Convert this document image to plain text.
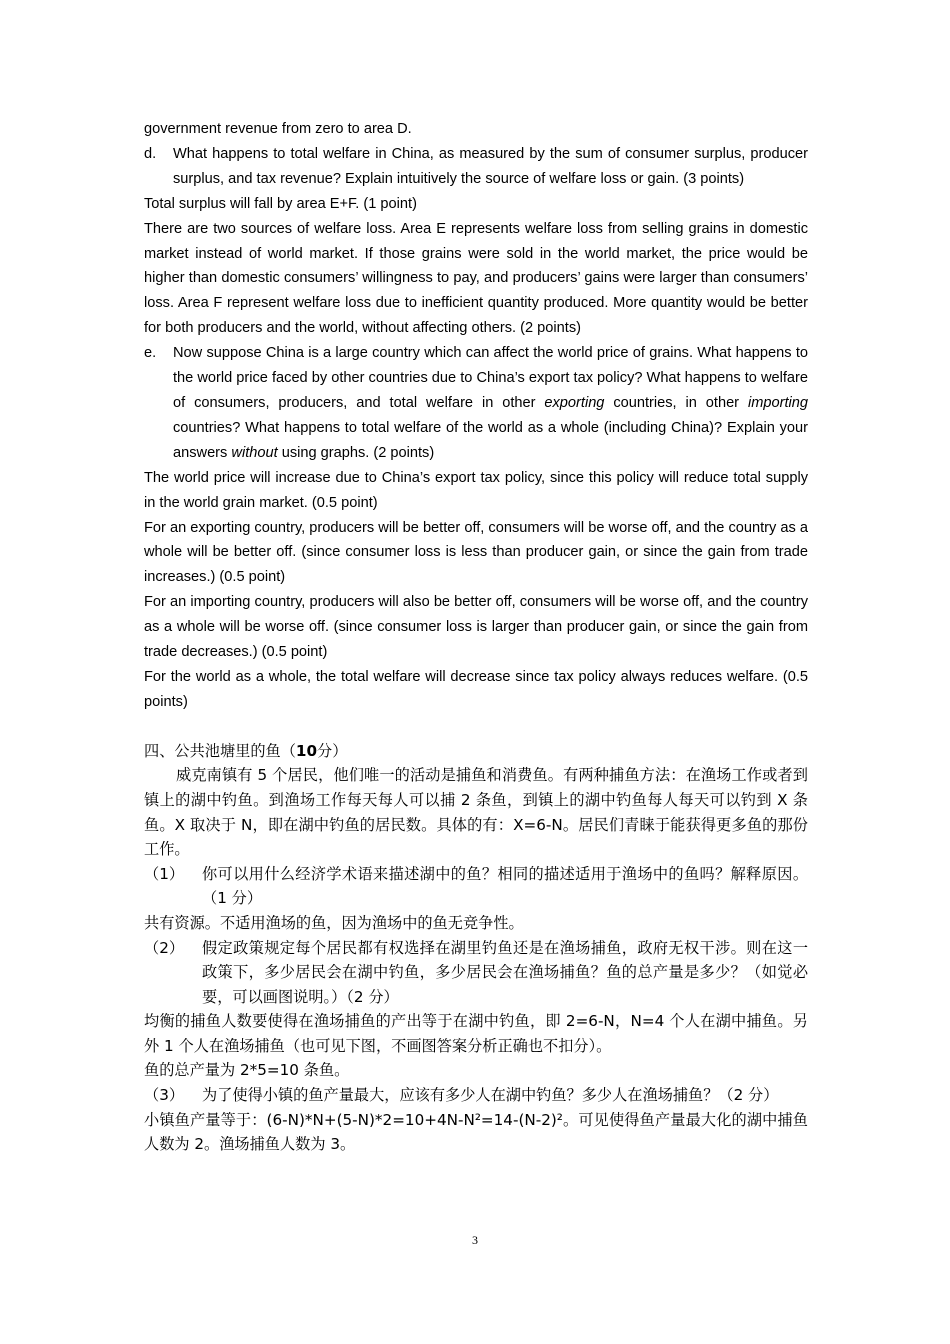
government revenue from zero to area D.

d.	What happens to total welfare in China, as measured by the sum of consumer surplus, producer surplus, and tax revenue? Explain intuitively the source of welfare loss or gain. (3 points)

Total surplus will fall by area E+F. (1 point)

There are two sources of welfare loss. Area E represents welfare loss from selling grains in domestic market instead of world market. If those grains were sold in the world market, the price would be higher than domestic consumers’ willingness to pay, and producers’ gains were larger than consumers’ loss. Area F represent welfare loss due to inefficient quantity produced. More quantity would be better for both producers and the world, without affecting others. (2 points)

e.	Now suppose China is a large country which can affect the world price of grains. What happens to the world price faced by other countries due to China’s export tax policy? What happens to welfare of consumers, producers, and total welfare in other exporting countries, in other importing countries? What happens to total welfare of the world as a whole (including China)? Explain your answers without using graphs. (2 points)

The world price will increase due to China’s export tax policy, since this policy will reduce total supply in the world grain market. (0.5 point)

For an exporting country, producers will be better off, consumers will be worse off, and the country as a whole will be better off. (since consumer loss is less than producer gain, or since the gain from trade increases.) (0.5 point)

For an importing country, producers will also be better off, consumers will be worse off, and the country as a whole will be worse off. (since consumer loss is larger than producer gain, or since the gain from trade decreases.) (0.5 point)

For the world as a whole, the total welfare will decrease since tax policy always reduces welfare. (0.5 points)

四、公共池塘里的鱼（10分）

威克南镇有 5 个居民，他们唯一的活动是捕鱼和消费鱼。有两种捕鱼方法：在渔场工作或者到镇上的湖中钓鱼。到渔场工作每天每人可以捕 2 条鱼，到镇上的湖中钓鱼每人每天可以钓到 X 条鱼。X 取决于 N，即在湖中钓鱼的居民数。具体的有：X=6-N。居民们青睐于能获得更多鱼的那份工作。

（1）	你可以用什么经济学术语来描述湖中的鱼？相同的描述适用于渔场中的鱼吗？解释原因。（1 分）

共有资源。不适用渔场的鱼，因为渔场中的鱼无竞争性。

（2）	假定政策规定每个居民都有权选择在湖里钓鱼还是在渔场捕鱼，政府无权干涉。则在这一政策下，多少居民会在湖中钓鱼，多少居民会在渔场捕鱼？鱼的总产量是多少？（如觉必要，可以画图说明。）（2 分）

均衡的捕鱼人数要使得在渔场捕鱼的产出等于在湖中钓鱼，即 2=6-N，N=4 个人在湖中捕鱼。另外 1 个人在渔场捕鱼（也可见下图，不画图答案分析正确也不扣分）。

鱼的总产量为 2*5=10 条鱼。

（3）	为了使得小镇的鱼产量最大，应该有多少人在湖中钓鱼？多少人在渔场捕鱼？（2 分）

小镇鱼产量等于：(6-N)*N+(5-N)*2=10+4N-N²=14-(N-2)²。可见使得鱼产量最大化的湖中捕鱼人数为 2。渔场捕鱼人数为 3。

3
